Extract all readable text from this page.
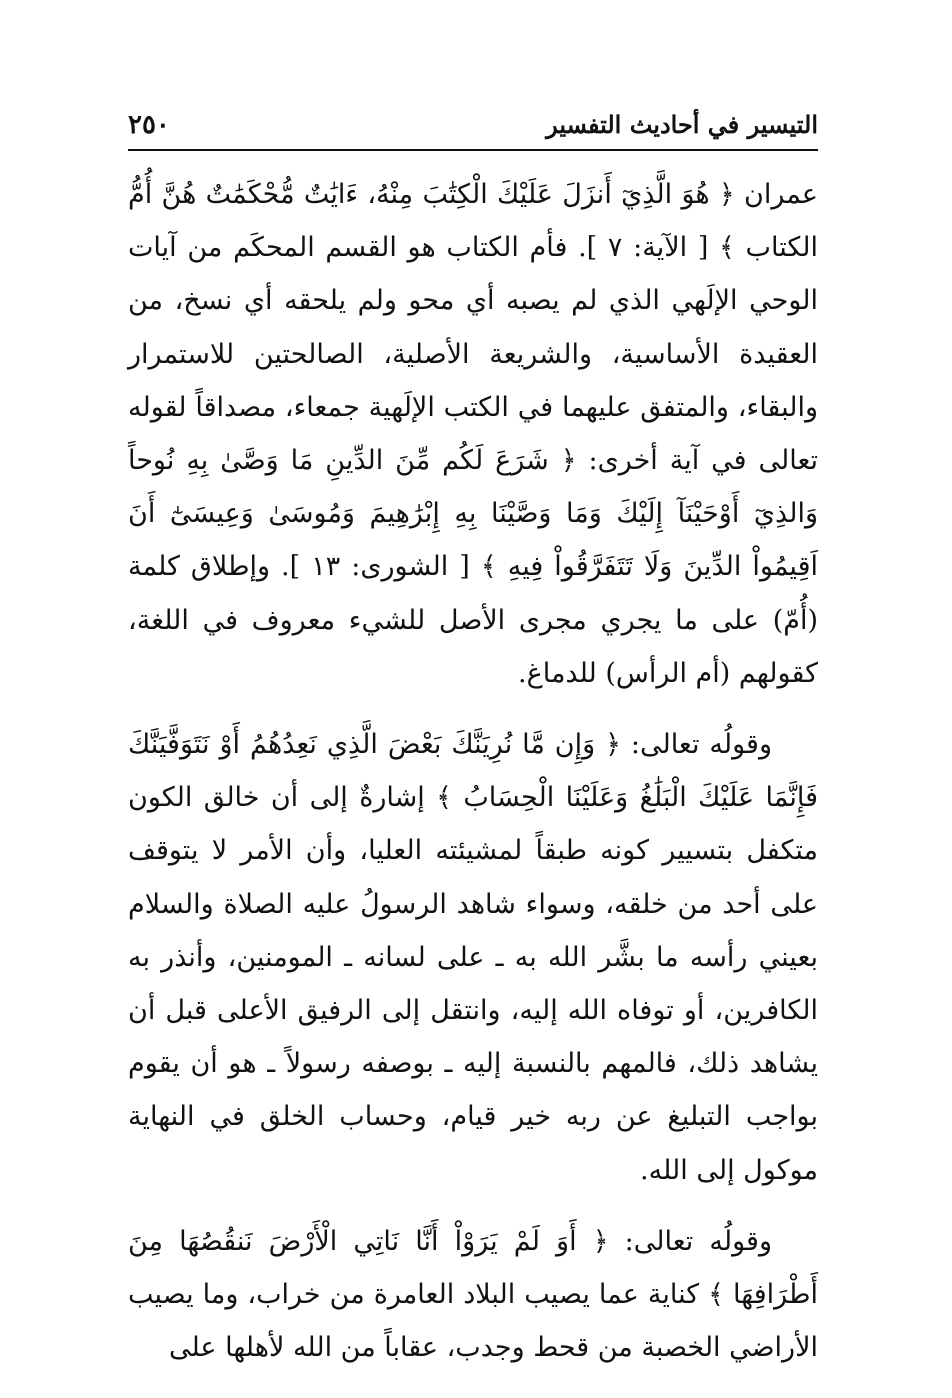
٢٥٠	التيسير في أحاديث التفسير

عمران ﴿ هُوَ الَّذِيٓ أَنزَلَ عَلَيْكَ الْكِتَٰبَ مِنْهُ، ءَايَٰتٌ مُّحْكَمَٰتٌ هُنَّ أُمُّ الكتاب ﴾ [ الآية: ٧ ]. فأم الكتاب هو القسم المحكَم من آيات الوحي الإلَهي الذي لم يصبه أي محو ولم يلحقه أي نسخ، من العقيدة الأساسية، والشريعة الأصلية، الصالحتين للاستمرار والبقاء، والمتفق عليهما في الكتب الإلَهية جمعاء، مصداقاً لقوله تعالى في آية أخرى: ﴿ شَرَعَ لَكُم مِّنَ الدِّينِ مَا وَصَّىٰ بِهِ نُوحاً وَالذِيٓ أَوْحَيْنَآ إِلَيْكَ وَمَا وَصَّيْنَا بِهِ إِبْرَٰهِيمَ وَمُوسَىٰ وَعِيسَىٰٓ أَنَ اَقِيمُواْ الدِّينَ وَلَا تَتَفَرَّقُواْ فِيهِ ﴾ [ الشورى: ١٣ ]. وإطلاق كلمة (أُمّ) على ما يجري مجرى الأصل للشيء معروف في اللغة، كقولهم (أم الرأس) للدماغ.

وقولُه تعالى: ﴿ وَإِن مَّا نُرِيَنَّكَ بَعْضَ الَّذِي نَعِدُهُمُ أَوْ نَتَوَفَّيَنَّكَ فَإِنَّمَا عَلَيْكَ الْبَلَٰغُ وَعَلَيْنَا الْحِسَابُ ﴾ إشارةٌ إلى أن خالق الكون متكفل بتسيير كونه طبقاً لمشيئته العليا، وأن الأمر لا يتوقف على أحد من خلقه، وسواء شاهد الرسولُ عليه الصلاة والسلام بعيني رأسه ما بشَّر الله به ـ على لسانه ـ المومنين، وأنذر به الكافرين، أو توفاه الله إليه، وانتقل إلى الرفيق الأعلى قبل أن يشاهد ذلك، فالمهم بالنسبة إليه ـ بوصفه رسولاً ـ هو أن يقوم بواجب التبليغ عن ربه خير قيام، وحساب الخلق في النهاية موكول إلى الله.

وقولُه تعالى: ﴿ أَوَ لَمْ يَرَوْاْ أَنَّا نَاتِي الْأَرْضَ نَنقُصُهَا مِنَ أَطْرَافِهَا ﴾ كناية عما يصيب البلاد العامرة من خراب، وما يصيب الأراضي الخصبة من قحط وجدب، عقاباً من الله لأهلها على
